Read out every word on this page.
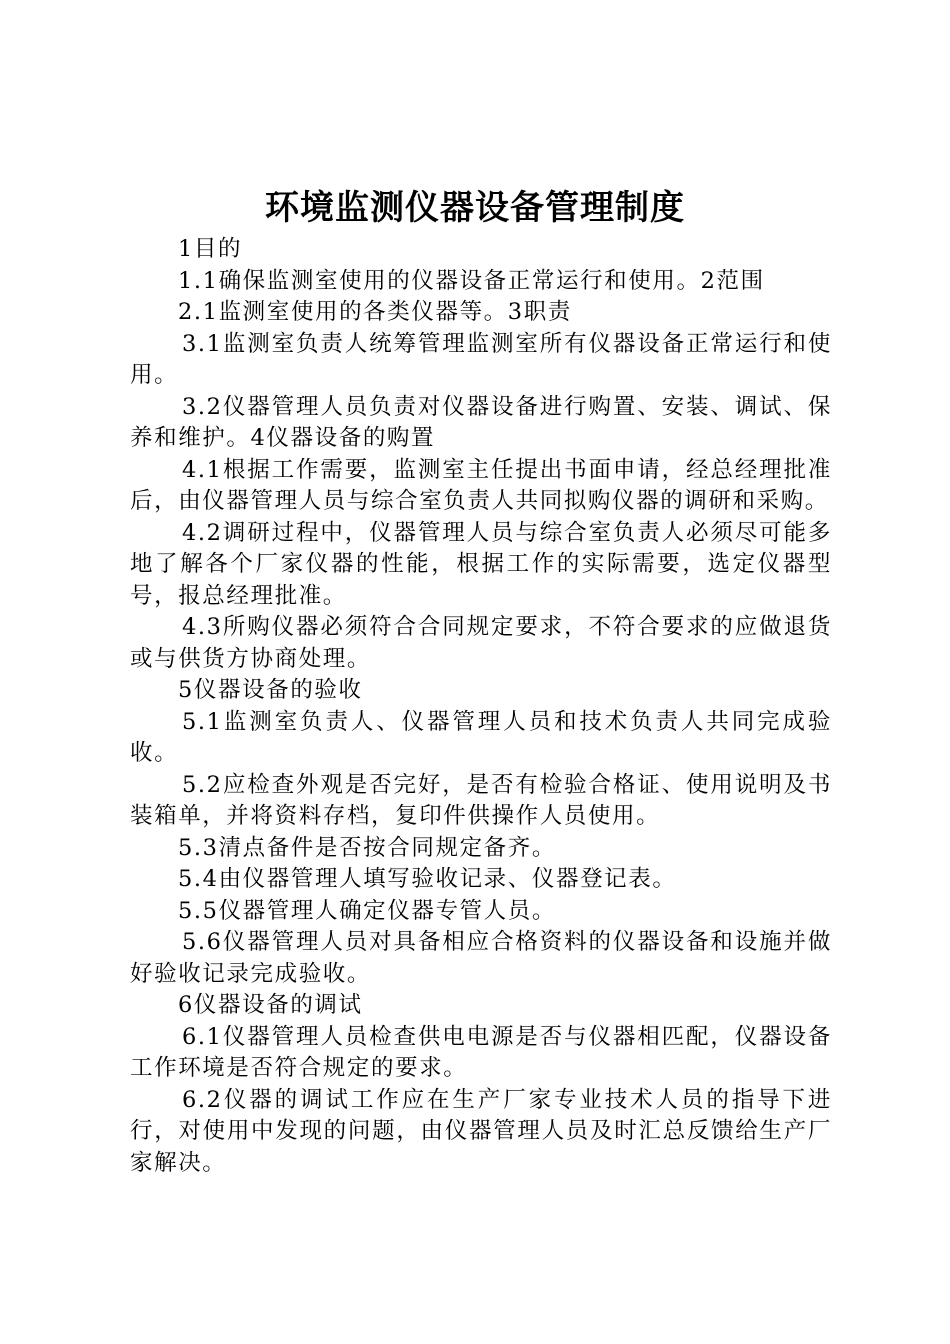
环境监测仪器设备管理制度

1目的

1.1确保监测室使用的仪器设备正常运行和使用。2范围

2.1监测室使用的各类仪器等。3职责

3.1监测室负责人统筹管理监测室所有仪器设备正常运行和使用。

3.2仪器管理人员负责对仪器设备进行购置、安装、调试、保养和维护。4仪器设备的购置

4.1根据工作需要，监测室主任提出书面申请，经总经理批准后，由仪器管理人员与综合室负责人共同拟购仪器的调研和采购。

4.2调研过程中，仪器管理人员与综合室负责人必须尽可能多地了解各个厂家仪器的性能，根据工作的实际需要，选定仪器型号，报总经理批准。

4.3所购仪器必须符合合同规定要求，不符合要求的应做退货或与供货方协商处理。

5仪器设备的验收

5.1监测室负责人、仪器管理人员和技术负责人共同完成验收。

5.2应检查外观是否完好，是否有检验合格证、使用说明及书装箱单，并将资料存档，复印件供操作人员使用。

5.3清点备件是否按合同规定备齐。

5.4由仪器管理人填写验收记录、仪器登记表。

5.5仪器管理人确定仪器专管人员。

5.6仪器管理人员对具备相应合格资料的仪器设备和设施并做好验收记录完成验收。

6仪器设备的调试

6.1仪器管理人员检查供电电源是否与仪器相匹配，仪器设备工作环境是否符合规定的要求。

6.2仪器的调试工作应在生产厂家专业技术人员的指导下进行，对使用中发现的问题，由仪器管理人员及时汇总反馈给生产厂家解决。
